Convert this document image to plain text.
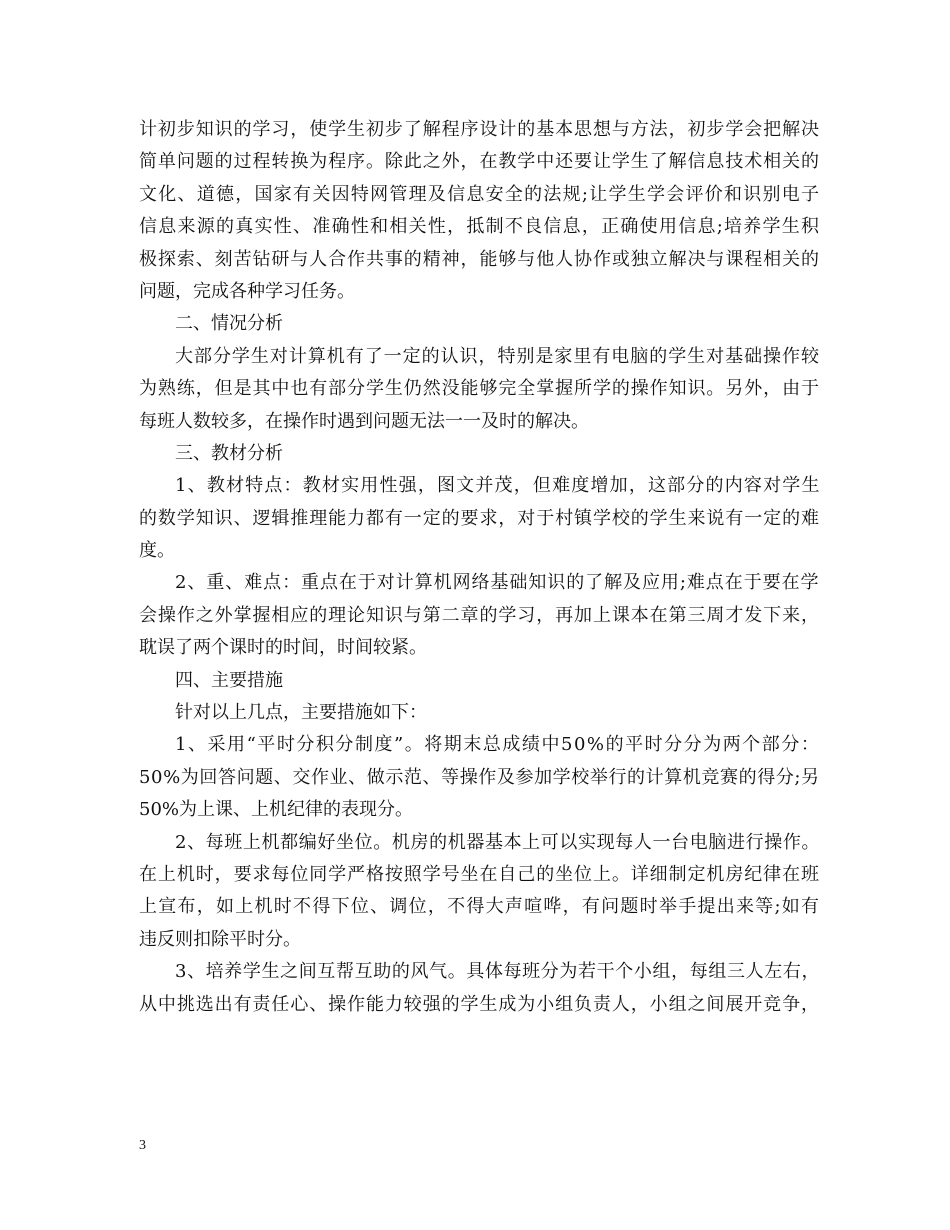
计初步知识的学习，使学生初步了解程序设计的基本思想与方法，初步学会把解决
简单问题的过程转换为程序。除此之外，在教学中还要让学生了解信息技术相关的
文化、道德，国家有关因特网管理及信息安全的法规;让学生学会评价和识别电子
信息来源的真实性、准确性和相关性，抵制不良信息，正确使用信息;培养学生积
极探索、刻苦钻研与人合作共事的精神，能够与他人协作或独立解决与课程相关的
问题，完成各种学习任务。
二、情况分析
大部分学生对计算机有了一定的认识，特别是家里有电脑的学生对基础操作较
为熟练，但是其中也有部分学生仍然没能够完全掌握所学的操作知识。另外，由于
每班人数较多，在操作时遇到问题无法一一及时的解决。
三、教材分析
1、教材特点：教材实用性强，图文并茂，但难度增加，这部分的内容对学生
的数学知识、逻辑推理能力都有一定的要求，对于村镇学校的学生来说有一定的难
度。
2、重、难点：重点在于对计算机网络基础知识的了解及应用;难点在于要在学
会操作之外掌握相应的理论知识与第二章的学习，再加上课本在第三周才发下来，
耽误了两个课时的时间，时间较紧。
四、主要措施
针对以上几点，主要措施如下：
1、采用“平时分积分制度”。将期末总成绩中50%的平时分分为两个部分：
50%为回答问题、交作业、做示范、等操作及参加学校举行的计算机竞赛的得分;另
50%为上课、上机纪律的表现分。
2、每班上机都编好坐位。机房的机器基本上可以实现每人一台电脑进行操作。
在上机时，要求每位同学严格按照学号坐在自己的坐位上。详细制定机房纪律在班
上宣布，如上机时不得下位、调位，不得大声喧哗，有问题时举手提出来等;如有
违反则扣除平时分。
3、培养学生之间互帮互助的风气。具体每班分为若干个小组，每组三人左右，
从中挑选出有责任心、操作能力较强的学生成为小组负责人，小组之间展开竞争，
3
